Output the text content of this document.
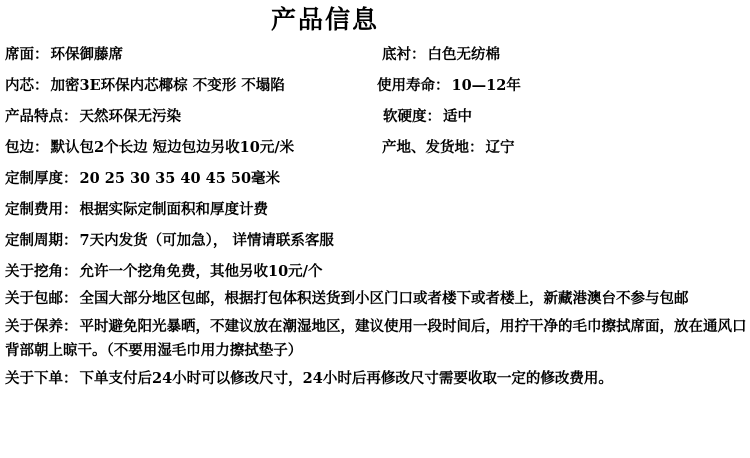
产品信息
席面： 环保御藤席	底衬： 白色无纺棉
内芯： 加密3E环保内芯椰棕 不变形 不塌陷	使用寿命： 10—12年
产品特点： 天然环保无污染	软硬度： 适中
包边： 默认包2个长边 短边包边另收10元/米	产地、发货地： 辽宁
定制厚度： 20 25 30 35 40 45 50毫米
定制费用： 根据实际定制面积和厚度计费
定制周期： 7天内发货（可加急）， 详情请联系客服
关于挖角： 允许一个挖角免费，其他另收10元/个
关于包邮： 全国大部分地区包邮，根据打包体积送货到小区门口或者楼下或者楼上，新藏港澳台不参与包邮
关于保养： 平时避免阳光暴晒，不建议放在潮湿地区，建议使用一段时间后，用拧干净的毛巾擦拭席面，放在通风口背部朝上晾干。（不要用湿毛巾用力擦拭垫子）
关于下单： 下单支付后24小时可以修改尺寸，24小时后再修改尺寸需要收取一定的修改费用。
